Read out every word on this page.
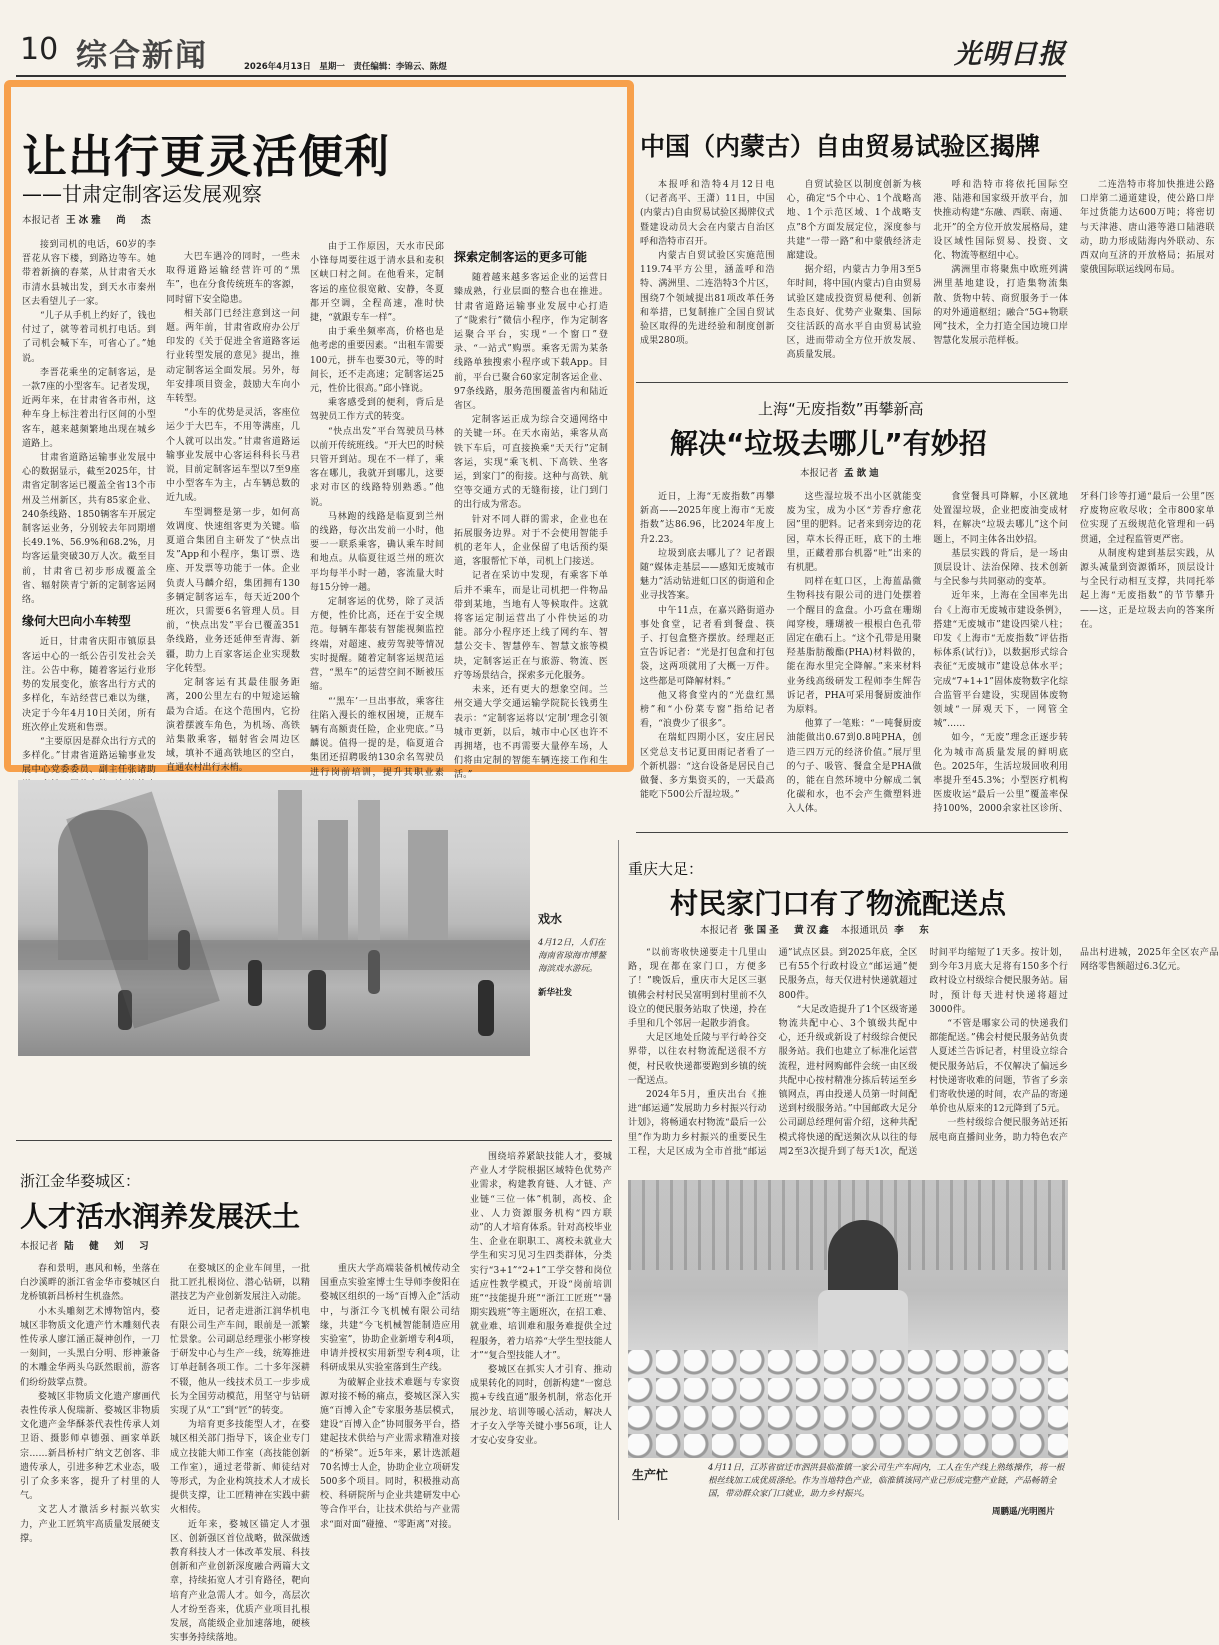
10 综合新闻	2026年4月13日　星期一　责任编辑：李锦云、陈煜	光明日报
让出行更灵活便利
——甘肃定制客运发展观察
本报记者 王冰雅　尚　杰

接到司机的电话，60岁的李晋花从容下楼，到路边等车。她带着新摘的春菜，从甘肃省天水市清水县城出发，到天水市秦州区去看望儿子一家。

“儿子从手机上约好了，钱也付过了，就等着司机打电话。到了司机会喊下车，可省心了。”她说。

李晋花乘坐的定制客运，是一款7座的小型客车。记者发现，近两年来，在甘肃省各市州，这种车身上标注着出行区间的小型客车，越来越频繁地出现在城乡道路上。

甘肃省道路运输事业发展中心的数据显示，截至2025年，甘肃省定制客运已覆盖全省13个市州及兰州新区，共有85家企业、240条线路、1850辆客车开展定制客运业务，分别较去年同期增长49.1%、56.9%和68.2%，月均客运量突破30万人次。截至目前，甘肃省已初步形成覆盖全省、辐射陕青宁新的定制客运网络。

缘何大巴向小车转型

近日，甘肃省庆阳市镇原县客运中心的一纸公告引发社会关注。公告中称，随着客运行业形势的发展变化，旅客出行方式的多样化，车站经营已难以为继，决定于今年4月10日关闭，所有班次停止发班和售票。

“主要原因是群众出行方式的多样化。”甘肃省道路运输事业发展中心党委委员、副主任张诸助

大巴车遇冷的同时，一些未取得道路运输经营许可的“黑车”，也在分食传统班车的客源，同时留下安全隐患。

相关部门已经注意到这一问题。两年前，甘肃省政府办公厅印发的《关于促进全省道路客运行业转型发展的意见》提出，推动定制客运全面发展。另外，每年安排项目资金，鼓励大车向小车转型。

“小车的优势是灵活，客座位运少于大巴车，不用等满座，几个人就可以出发。”甘肃省道路运输事业发展中心客运科科长马君说，目前定制客运车型以7至9座中小型客车为主，占车辆总数的近九成。

车型调整是第一步，如何高效调度、快速组客更为关键。临夏道合集团自主研发了“快点出发”App和小程序，集订票、选座、开发票等功能于一体。企业负责人马麟介绍，集团拥有130多辆定制客运车，每天近200个班次，只需要6名管理人员。目前，“快点出发”平台已覆盖351条线路，业务还延伸至青海、新疆，助力上百家客运企业实现数字化转型。

定制客运有其最佳服务距离，200公里左右的中短途运输最为合适。在这个范围内，它扮演着摆渡车角色，为机场、高铁站集散乘客，辐射省会周边区域，填补不通高铁地区的空白，直通农村出行末梢。

由于工作原因，天水市民邱小锋每周要往返于清水县和麦积区峡口村之间。在他看来，定制客运的座位很宽敞、安静，冬夏都开空调，全程高速，准时快捷，“就跟专车一样”。

由于乘坐频率高，价格也是他考虑的重要因素。“出租车需要100元，拼车也要30元，等的时间长，还不走高速；定制客运25元，性价比很高。”邱小锋说。

乘客感受到的便利，背后是驾驶员工作方式的转变。

“快点出发”平台驾驶员马林以前开传统班线。“开大巴的时候只管开到站。现在不一样了，乘客在哪儿，我就开到哪儿，这要求对市区的线路特别熟悉。”他说。

马林跑的线路是临夏到兰州的线路，每次出发前一小时，他要一一联系乘客，确认乘车时间和地点。从临夏往返兰州的班次平均每半小时一趟，客流量大时每15分钟一趟。

定制客运的优势，除了灵活方便，性价比高，还在于安全规范。每辆车都装有智能视频监控终端，对超速、疲劳驾驶等情况实时提醒。随着定制客运规范运营，“黑车”的运营空间不断被压缩。

“‘黑车’一旦出事故，乘客往往陷入漫长的维权困境，正规车辆有高额责任险，企业兜底。”马麟说。值得一提的是，临夏道合集团还招聘吸纳130余名驾驶员进行岗前培训，提升其职业素

探索定制客运的更多可能

随着越来越多客运企业的运营日臻成熟，行业层面的整合也在推进。甘肃省道路运输事业发展中心打造了“陇索行”微信小程序，作为定制客运聚合平台，实现“一个窗口”登录、“一站式”购票。乘客无需为某条线路单独搜索小程序或下载App。目前，平台已聚合60家定制客运企业、97条线路，服务范围覆盖省内和陆近省区。

定制客运正成为综合交通网络中的关键一环。在天水南站，乘客从高铁下车后，可直接换乘“天天行”定制客运，实现“乘飞机、下高铁、坐客运，到家门”的衔接。这种与高铁、航空等交通方式的无缝衔接，让门到门的出行成为常态。

针对不同人群的需求，企业也在拓展服务边界。对于不会使用智能手机的老年人，企业保留了电话预约渠道，客服帮忙下单，司机上门接送。

记者在采访中发现，有乘客下单后并不乘车，而是让司机把一件物品带到某地，当地有人等候取件。这就将客运定制运营出了小件快运的功能。部分小程序还上线了网约车、智慧公交卡、智慧停车、智慧文旅等模块，定制客运正在与旅游、物流、医疗等场景结合，探索多元化服务。

未来，还有更大的想象空间。兰州交通大学交通运输学院院长钱勇生表示：“定制客运将以‘定制’理念引领城市更新，以后，城市中心区也许不再拥堵，也不再需要大量停车场，人们将由定制的智能车辆连接工作和生活。”

中国（内蒙古）自由贸易试验区揭牌

本报呼和浩特4月12日电（记者高平、王潇）11日，中国(内蒙古)自由贸易试验区揭牌仪式暨建设动员大会在内蒙古自治区呼和浩特市召开。

内蒙古自贸试验区实施范围119.74平方公里，涵盖呼和浩特、满洲里、二连浩特3个片区，围绕7个领域提出81项改革任务和举措，已复制推广全国自贸试验区取得的先进经验和制度创新成果280项。

自贸试验区以制度创新为核心，确定“5个中心、1个战略高地、1个示范区域、1个战略支点”8个方面发展定位，深度参与共建“一带一路”和中蒙俄经济走廊建设。

据介绍，内蒙古力争用3至5年时间，将中国(内蒙古)自由贸易试验区建成投资贸易便利、创新生态良好、优势产业聚集、国际交往活跃的高水平自由贸易试验区，进而带动全方位开放发展、高质量发展。

呼和浩特市将依托国际空港、陆港和国家级开放平台，加快推动构建“东融、西联、南通、北开”的全方位开放发展格局，建设区域性国际贸易、投资、文化、物流等枢纽中心。

满洲里市将聚焦中欧班列满洲里基地建设，打造集物流集散、货物中转、商贸服务于一体的对外通道枢纽；融合“5G+物联网”技术，全力打造全国边境口岸智慧化发展示范样板。

二连浩特市将加快推进公路口岸第二通道建设，使公路口岸年过货能力达600万吨；将密切与天津港、唐山港等港口陆港联动，助力形成陆海内外联动、东西双向互济的开放格局；拓展对蒙俄国际联运线网布局。

上海“无废指数”再攀新高
解决“垃圾去哪儿”有妙招
本报记者 孟歆迪

近日，上海“无废指数”再攀新高——2025年度上海市“无废指数”达86.96，比2024年度上升2.23。

垃圾到底去哪儿了？记者跟随“媒体走基层——感知无废城市魅力”活动钻进虹口区的街道和企业寻找答案。

中午11点，在嘉兴路街道办事处食堂，记者看到餐盘、筷子、打包盒整齐摆放。经理赵正宣告诉记者：“光是打包盒和打包袋，这两项就用了大概一万件。这些都是可降解材料。”

他又将食堂内的“光盘红黑榜”和“小份菜专窗”指给记者看，“浪费少了很多”。

在瑞虹四期小区，安庄居民区党总支书记夏田雨记者看了一个新机器：“这台设备是居民自己做餐、多方集资买的，一天最高能吃下500公斤湿垃圾。”

这些湿垃圾不出小区就能变废为宝，成为小区“芳香疗愈花园”里的肥料。记者来到旁边的花园，草木长得正旺，底下的土堆里，正藏着那台机器“吐”出来的有机肥。

同样在虹口区，上海蓝晶微生物科技有限公司的进门处摆着一个醒目的盒盘。小巧盒在珊瑚闻穿梭，珊瑚被一根根白色孔带固定在礁石上。“这个孔带是用聚羟基脂肪酸酯(PHA)材料做的，能在海水里完全降解。”来来材料业务线高级研发工程师李生辉告诉记者，PHA可采用餐厨废油作为原料。

他算了一笔账：“一吨餐厨废油能做出0.67到0.8吨PHA，创造三四万元的经济价值。”展厅里的勺子、吸管、餐盒全是PHA做的，能在自然环境中分解成二氧化碳和水，也不会产生微塑料进入人体。

食堂餐具可降解，小区就地处置湿垃圾，企业把废油变成材料，在解决“垃圾去哪儿”这个问题上，不同主体各出妙招。

基层实践的背后，是一场由顶层设计、法治保障、技术创新与全民参与共同驱动的变革。

近年来，上海在全国率先出台《上海市无废城市建设条例》，搭建“无废城市”建设四梁八柱；印发《上海市“无废指数”评估指标体系(试行)》，以数据形式综合表征“无废城市”建设总体水平；完成“7+1+1”固体废物数字化综合监管平台建设，实现固体废物领域“一屏观天下，一网管全城”……

如今，“无废”理念正逐步转化为城市高质量发展的鲜明底色。2025年，生活垃圾回收利用率提升至45.3%；小型医疗机构医废收运“最后一公里”覆盖率保持100%，2000余家社区诊所、牙科门诊等打通“最后一公里”医疗废物应收尽收；全市800家单位实现了五级规范化管理和一码贯通，全过程监管更严密。

从制度构建到基层实践，从源头减量到资源循环，顶层设计与全民行动相互支撑，共同托举起上海“无废指数”的节节攀升——这，正是垃圾去向的答案所在。

戏水
4月12日，人们在海南省琼海市博鳌海滨戏水游玩。
新华社发
重庆大足：
村民家门口有了物流配送点
本报记者 张国圣　黄汉鑫 本报通讯员 李　东

“以前寄收快递要走十几里山路，现在都在家门口，方便多了！”晚饭后，重庆市大足区三驱镇佛会村村民吴富明到村里前不久设立的便民服务站取了快递，拎在手里和几个邻居一起散步消食。

大足区地处丘陵与平行岭谷交界带，以往农村物流配送很不方便，村民收快递都要跑到乡镇的统一配送点。

2024年5月，重庆出台《推进“邮运通”发展助力乡村振兴行动计划》，将畅通农村物流“最后一公里”作为助力乡村振兴的重要民生工程，大足区成为全市首批“邮运通”试点区县。到2025年底，全区已有55个行政村设立“邮运通”便民服务点，每天仅进村快递就超过800件。

“大足改造提升了1个区级寄递物流共配中心、3个镇级共配中心，还升级或新设了村级综合便民服务站。我们也建立了标准化运营流程，进村网购邮件会统一由区级共配中心按村精准分拣后转运至乡镇网点，再由投递人员第一时间配送到村级服务站。”中国邮政大足分公司副总经理何雷介绍，这种共配模式将快递的配送频次从以往的每周2至3次提升到了每天1次，配送时间平均缩短了1天多。按计划，到今年3月底大足将有150多个行政村设立村级综合便民服务站。届时，预计每天进村快递将超过3000件。

“不管是哪家公司的快递我们都能配送。”佛会村便民服务站负责人夏述兰告诉记者，村里设立综合便民服务站后，不仅解决了偏远乡村快递寄收难的问题，节省了乡亲们寄收快递的时间，农产品的寄递单价也从原来的12元降到了5元。

一些村级综合便民服务站还拓展电商直播间业务，助力特色农产品出村进城，2025年全区农产品网络零售额超过6.3亿元。

生产忙	4月11日，江苏省宿迁市泗洪县临淮镇一家公司生产车间内，工人在生产线上熟练操作，将一根根丝线加工成优质涤纶。作为当地特色产业，临淮镇该同产业已形成完整产业链，产品畅销全国，带动群众家门口就业，助力乡村振兴。
周鹏遥/光明图片
浙江金华婺城区：
人才活水润养发展沃土
本报记者 陆　健　刘　习

春和景明，惠风和畅，坐落在白沙溪畔的浙江省金华市婺城区白龙桥镇新昌桥村生机盎然。

小木头雕刻艺术博物馆内，婺城区非物质文化遗产竹木雕刻代表性传承人廖江涵正凝神创作，一刀一刻间，一头黑白分明、形神兼备的木雕金华两头乌跃然眼前，游客们纷纷鼓掌点赞。

婺城区非物质文化遗产廖画代表性传承人倪瑞新、婺城区非物质文化遗产金华酥茶代表性传承人刘卫语、摄影师卓德强、画家单跃宗……新昌桥村广纳文艺创客、非遗传承人，引进多种艺术业态，吸引了众多来客，提升了村里的人气。

文艺人才激活乡村振兴软实力，产业工匠筑牢高质量发展硬支撑。

在婺城区的企业车间里，一批批工匠扎根岗位、潜心钻研，以精湛技艺为产业创新发展注入动能。

近日，记者走进浙江润华机电有限公司生产车间，眼前是一派繁忙景象。公司副总经理张小彬穿梭于研发中心与生产一线，统筹推进订单赶制各项工作。二十多年深耕不辍，他从一线技术员工一步步成长为全国劳动模范，用坚守与钻研实现了从“工”到“匠”的转变。

为培育更多技能型人才，在婺城区相关部门指导下，该企业专门成立技能大师工作室（高技能创新工作室），通过老带新、师徒结对等形式，为企业构筑技术人才成长提供支撑，让工匠精神在实践中薪火相传。

近年来，婺城区锚定人才强区、创新强区首位战略，做深做透教育科技人才一体改革发展、科技创新和产业创新深度融合两篇大文章，持续拓宽人才引育路径，靶向培育产业急需人才。如今，高层次人才纷至沓来，优质产业项目扎根发展，高能级企业加速落地，硬核实事务持续落地。

重庆大学高端装备机械传动全国重点实验室博士生导师李俊阳在婺城区组织的一场“百博入企”活动中，与浙江今飞机械有限公司结缘，共建“今飞机械智能制造应用实验室”，协助企业新增专利4项，申请并授权实用新型专利4项，让科研成果从实验室落到生产线。

为破解企业技术难题与专家资源对接不畅的痛点，婺城区深入实施“百博入企”专家服务基层模式，建设“百博入企”协同服务平台，搭建起技术供给与产业需求精准对接的“桥梁”。近5年来，累计选派超70名博士人企，协助企业立项研发500多个项目。同时，积极推动高校、科研院所与企业共建研发中心等合作平台，让技术供给与产业需求“面对面”碰撞、“零距离”对接。

围绕培养紧缺技能人才，婺城产业人才学院根据区域特色优势产业需求，构建教育链、人才链、产业链“三位一体”机制，高校、企业、人力资源服务机构“四方联动”的人才培育体系。针对高校毕业生、企业在职职工、离校未就业大学生和实习见习生四类群体，分类实行“3+1”“2+1”工学交替和岗位适应性教学模式，开设“岗前培训班”“技能提升班”“浙江工匠班”“暑期实践班”等主题班次，在招工难、就业难、培训难和服务难提供全过程服务，着力培养“大学生型技能人才”“复合型技能人才”。

婺城区在抓实人才引育、推动成果转化的同时，创新构建“一窗总揽+专线直通”服务机制，常态化开展沙龙、培训等暖心活动，解决人才子女入学等关键小事56项，让人才安心安身安业。
